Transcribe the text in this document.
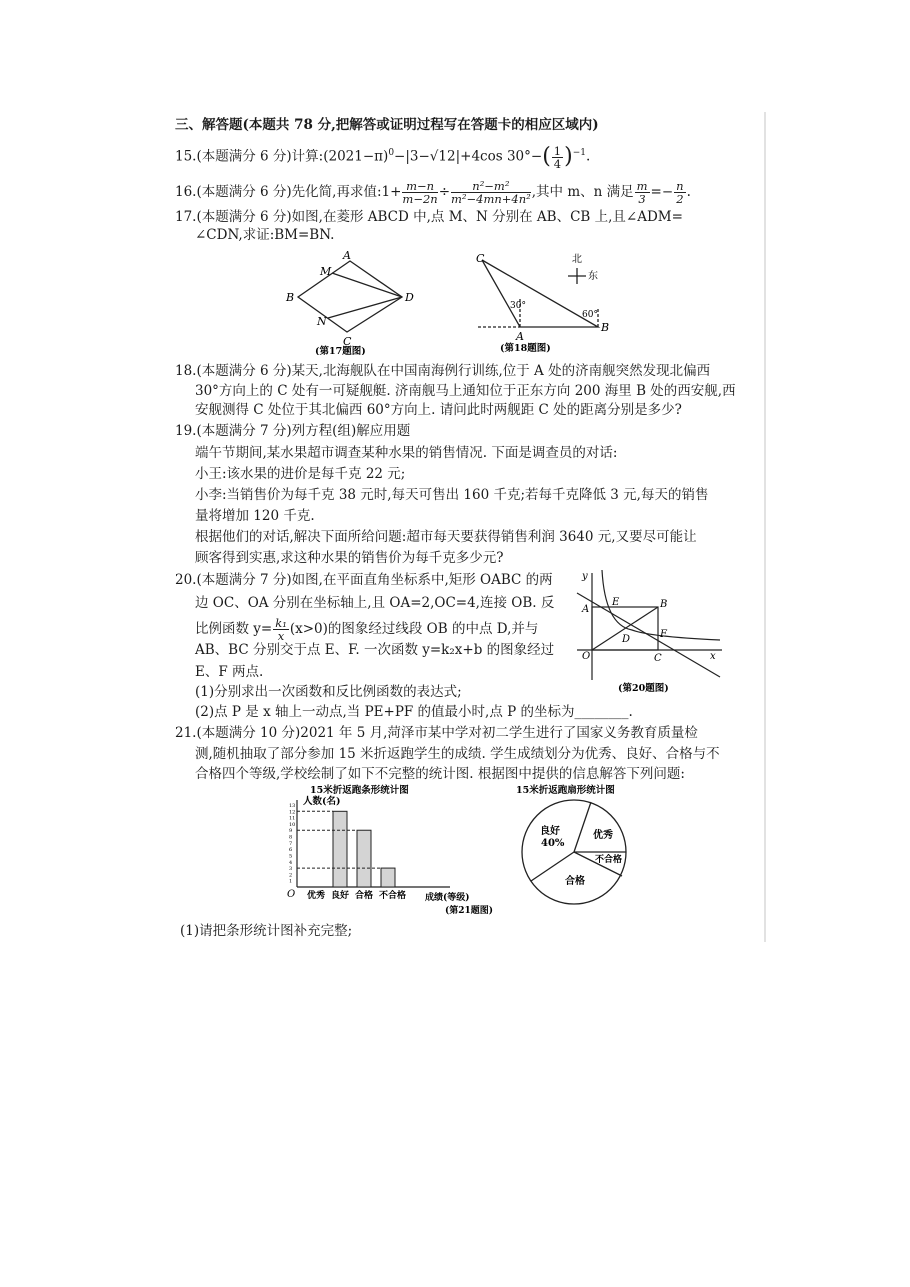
三、解答题(本题共 78 分,把解答或证明过程写在答题卡的相应区域内)
15.(本题满分 6 分)计算$:(2021-\pi)^0-|3-√12|+4\cos$ $30^\circ-( \frac{1}{4} )^{-1}$.
16.(本题满分 6 分)先化简,再求值:1+ $\frac{m-n}{m-2n} \div \frac{\text{n²−m²}}{\text{m²−4mn+4n²}}$ ,其中 m、n 满足 $\frac{m}{3} =- \frac{n}{2}$ .
17.(本题满分 6 分)如图,在菱形 ABCD 中,点 M、N 分别在 AB、CB 上,且∠ADM=
∠CDN,求证:BM=BN.
A
B
C
D
M
N
(第17题图)
C
A
B
30°
60°
北
东
(第18题图)
18.(本题满分 6 分)某天,北海舰队在中国南海例行训练,位于 A 处的济南舰突然发现北偏西
30°方向上的 C 处有一可疑舰艇. 济南舰马上通知位于正东方向 200 海里 B 处的西安舰,西
安舰测得 C 处位于其北偏西 60°方向上. 请问此时两舰距 C 处的距离分别是多少?
19.(本题满分 7 分)列方程(组)解应用题
端午节期间,某水果超市调查某种水果的销售情况. 下面是调查员的对话:
小王:该水果的进价是每千克 22 元;
小李:当销售价为每千克 38 元时,每天可售出 160 千克;若每千克降低 3 元,每天的销售
量将增加 120 千克.
根据他们的对话,解决下面所给问题:超市每天要获得销售利润 3640 元,又要尽可能让
顾客得到实惠,求这种水果的销售价为每千克多少元?
20.(本题满分 7 分)如图,在平面直角坐标系中,矩形 OABC 的两
边 OC、OA 分别在坐标轴上,且 OA=2,OC=4,连接 OB. 反
比例函数 $y= \frac{\text{k₁}}{x} (x>0)$的图象经过线段 OB 的中点 D,并与
AB、BC 分别交于点 E、F. 一次函数 y=k₂x+b 的图象经过
E、F 两点.
(1)分别求出一次函数和反比例函数的表达式;
(2)点 P 是 x 轴上一动点,当 PE+PF 的值最小时,点 P 的坐标为________.
y
x
O
A	B
C
D
E
F
(第20题图)
21.(本题满分 10 分)2021 年 5 月,菏泽市某中学对初二学生进行了国家义务教育质量检
测,随机抽取了部分参加 15 米折返跑学生的成绩. 学生成绩划分为优秀、良好、合格与不
合格四个等级,学校绘制了如下不完整的统计图. 根据图中提供的信息解答下列问题:
15米折返跑条形统计图
人数(名)
1
2
3
4
5
6
7
8
9
10
11
12
13
O 优秀 良好 合格 不合格 成绩(等级)
(第21题图)
15米折返跑扇形统计图
良好
40%
优秀
不合格
合格
(1)请把条形统计图补充完整;
